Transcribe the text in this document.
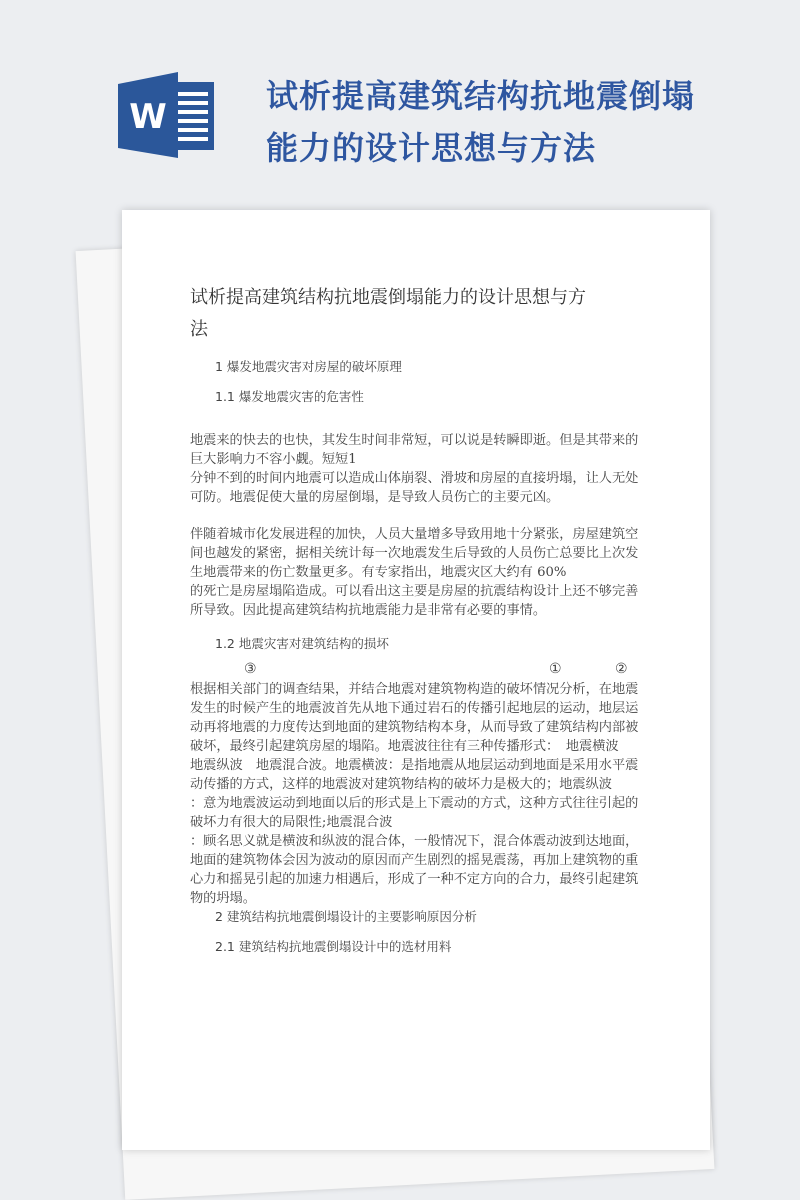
W
试析提高建筑结构抗地震倒塌
能力的设计思想与方法
试析提高建筑结构抗地震倒塌能力的设计思想与方
法
1 爆发地震灾害对房屋的破坏原理
1.1 爆发地震灾害的危害性
地震来的快去的也快，其发生时间非常短，可以说是转瞬即逝。但是其带来的
巨大影响力不容小觑。短短1
分钟不到的时间内地震可以造成山体崩裂、滑坡和房屋的直接坍塌，让人无处
可防。地震促使大量的房屋倒塌，是导致人员伤亡的主要元凶。
伴随着城市化发展进程的加快，人员大量增多导致用地十分紧张，房屋建筑空
间也越发的紧密，据相关统计每一次地震发生后导致的人员伤亡总要比上次发
生地震带来的伤亡数量更多。有专家指出，地震灾区大约有 60%
的死亡是房屋塌陷造成。可以看出这主要是房屋的抗震结构设计上还不够完善
所导致。因此提高建筑结构抗地震能力是非常有必要的事情。
1.2 地震灾害对建筑结构的损坏
③	①	②
根据相关部门的调查结果，并结合地震对建筑物构造的破坏情况分析，在地震
发生的时候产生的地震波首先从地下通过岩石的传播引起地层的运动，地层运
动再将地震的力度传达到地面的建筑物结构本身，从而导致了建筑结构内部被
破坏，最终引起建筑房屋的塌陷。地震波往往有三种传播形式：　地震横波
地震纵波　地震混合波。地震横波：是指地震从地层运动到地面是采用水平震
动传播的方式，这样的地震波对建筑物结构的破坏力是极大的；地震纵波
：意为地震波运动到地面以后的形式是上下震动的方式，这种方式往往引起的
破坏力有很大的局限性;地震混合波
：顾名思义就是横波和纵波的混合体，一般情况下，混合体震动波到达地面，
地面的建筑物体会因为波动的原因而产生剧烈的摇晃震荡，再加上建筑物的重
心力和摇晃引起的加速力相遇后，形成了一种不定方向的合力，最终引起建筑
物的坍塌。
2 建筑结构抗地震倒塌设计的主要影响原因分析
2.1 建筑结构抗地震倒塌设计中的选材用料
